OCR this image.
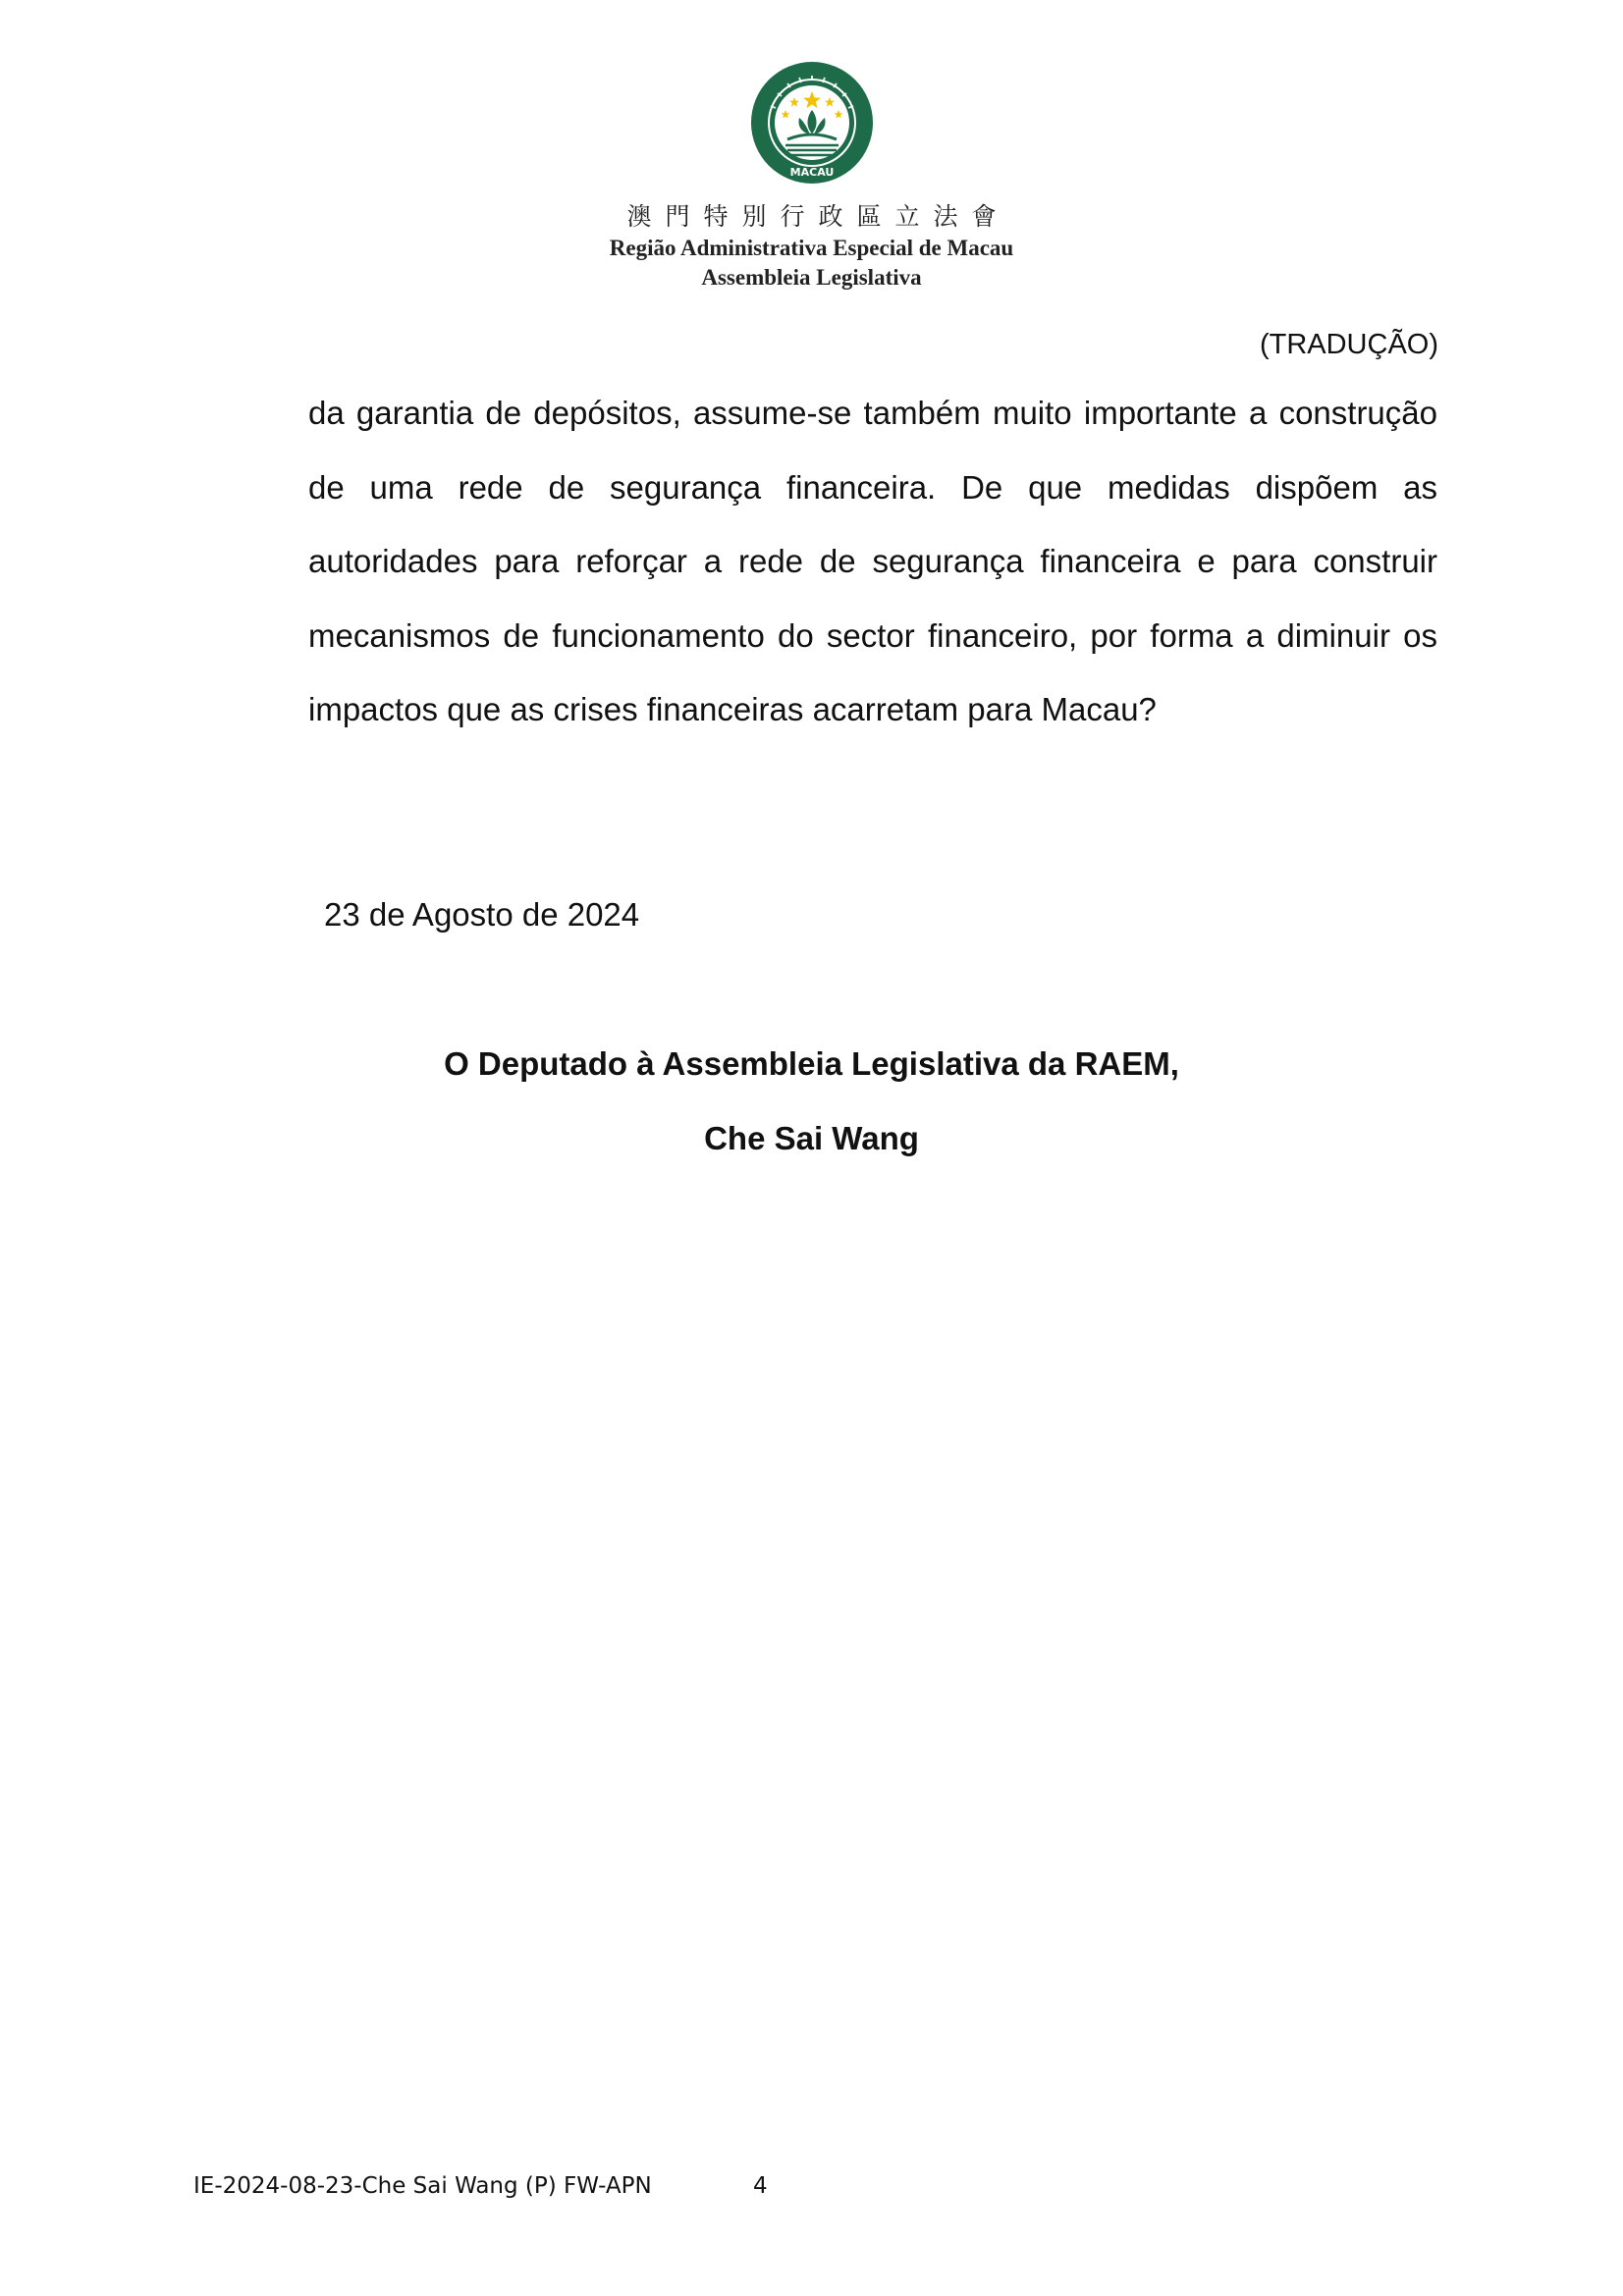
MACAU
澳門特別行政區立法會
Região Administrativa Especial de Macau
Assembleia Legislativa
(TRADUÇÃO)

da garantia de depósitos, assume-se também muito importante a construção de uma rede de segurança financeira. De que medidas dispõem as autoridades para reforçar a rede de segurança financeira e para construir mecanismos de funcionamento do sector financeiro, por forma a diminuir os impactos que as crises financeiras acarretam para Macau?

23 de Agosto de 2024
O Deputado à Assembleia Legislativa da RAEM,
Che Sai Wang
IE-2024-08-23-Che Sai Wang (P) FW-APN	4
